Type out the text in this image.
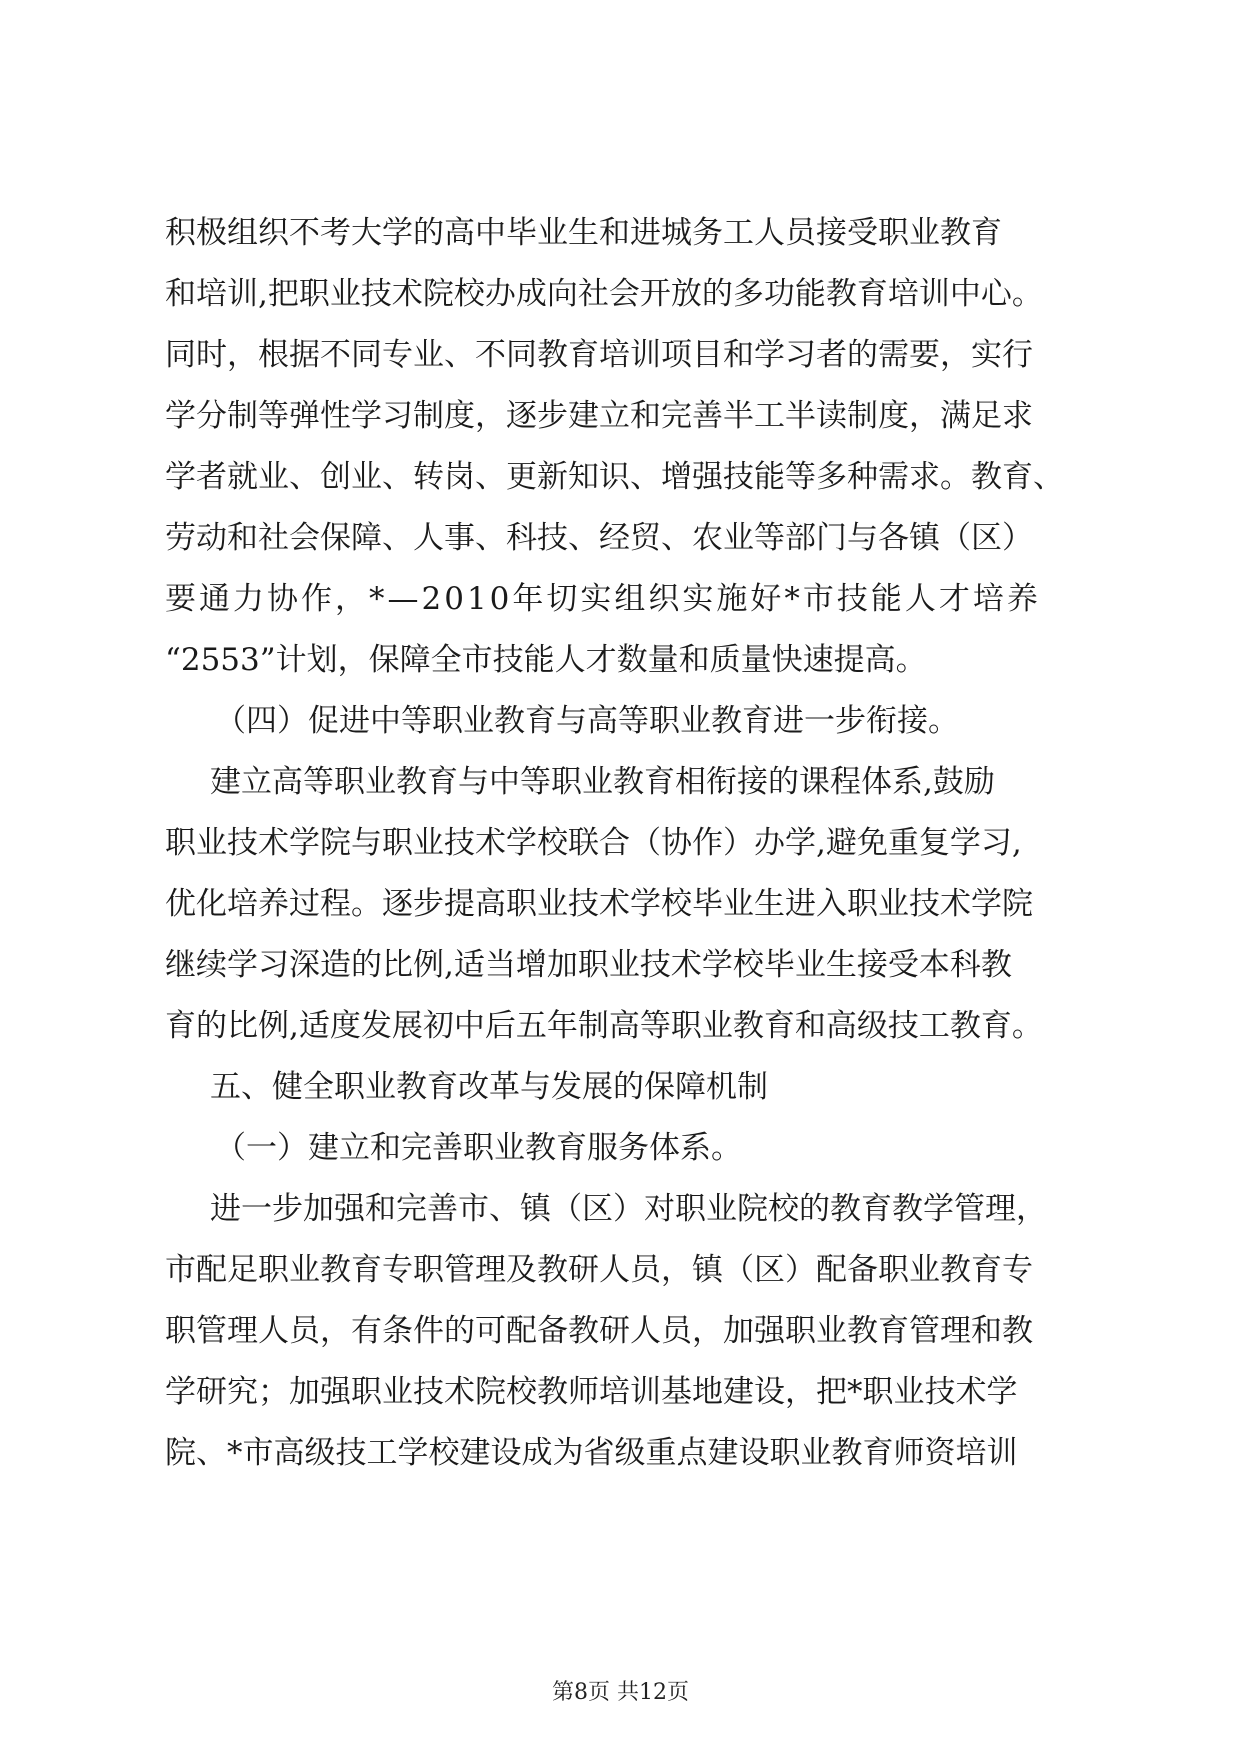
积极组织不考大学的高中毕业生和进城务工人员接受职业教育
和培训,把职业技术院校办成向社会开放的多功能教育培训中心。
同时，根据不同专业、不同教育培训项目和学习者的需要，实行
学分制等弹性学习制度，逐步建立和完善半工半读制度，满足求
学者就业、创业、转岗、更新知识、增强技能等多种需求。教育、
劳动和社会保障、人事、科技、经贸、农业等部门与各镇（区）
要通力协作，*—2010年切实组织实施好*市技能人才培养
“2553”计划，保障全市技能人才数量和质量快速提高。
（四）促进中等职业教育与高等职业教育进一步衔接。
建立高等职业教育与中等职业教育相衔接的课程体系,鼓励
职业技术学院与职业技术学校联合（协作）办学,避免重复学习,
优化培养过程。逐步提高职业技术学校毕业生进入职业技术学院
继续学习深造的比例,适当增加职业技术学校毕业生接受本科教
育的比例,适度发展初中后五年制高等职业教育和高级技工教育。
五、健全职业教育改革与发展的保障机制
（一）建立和完善职业教育服务体系。
进一步加强和完善市、镇（区）对职业院校的教育教学管理，
市配足职业教育专职管理及教研人员，镇（区）配备职业教育专
职管理人员，有条件的可配备教研人员，加强职业教育管理和教
学研究；加强职业技术院校教师培训基地建设，把*职业技术学
院、*市高级技工学校建设成为省级重点建设职业教育师资培训
第8页 共12页
